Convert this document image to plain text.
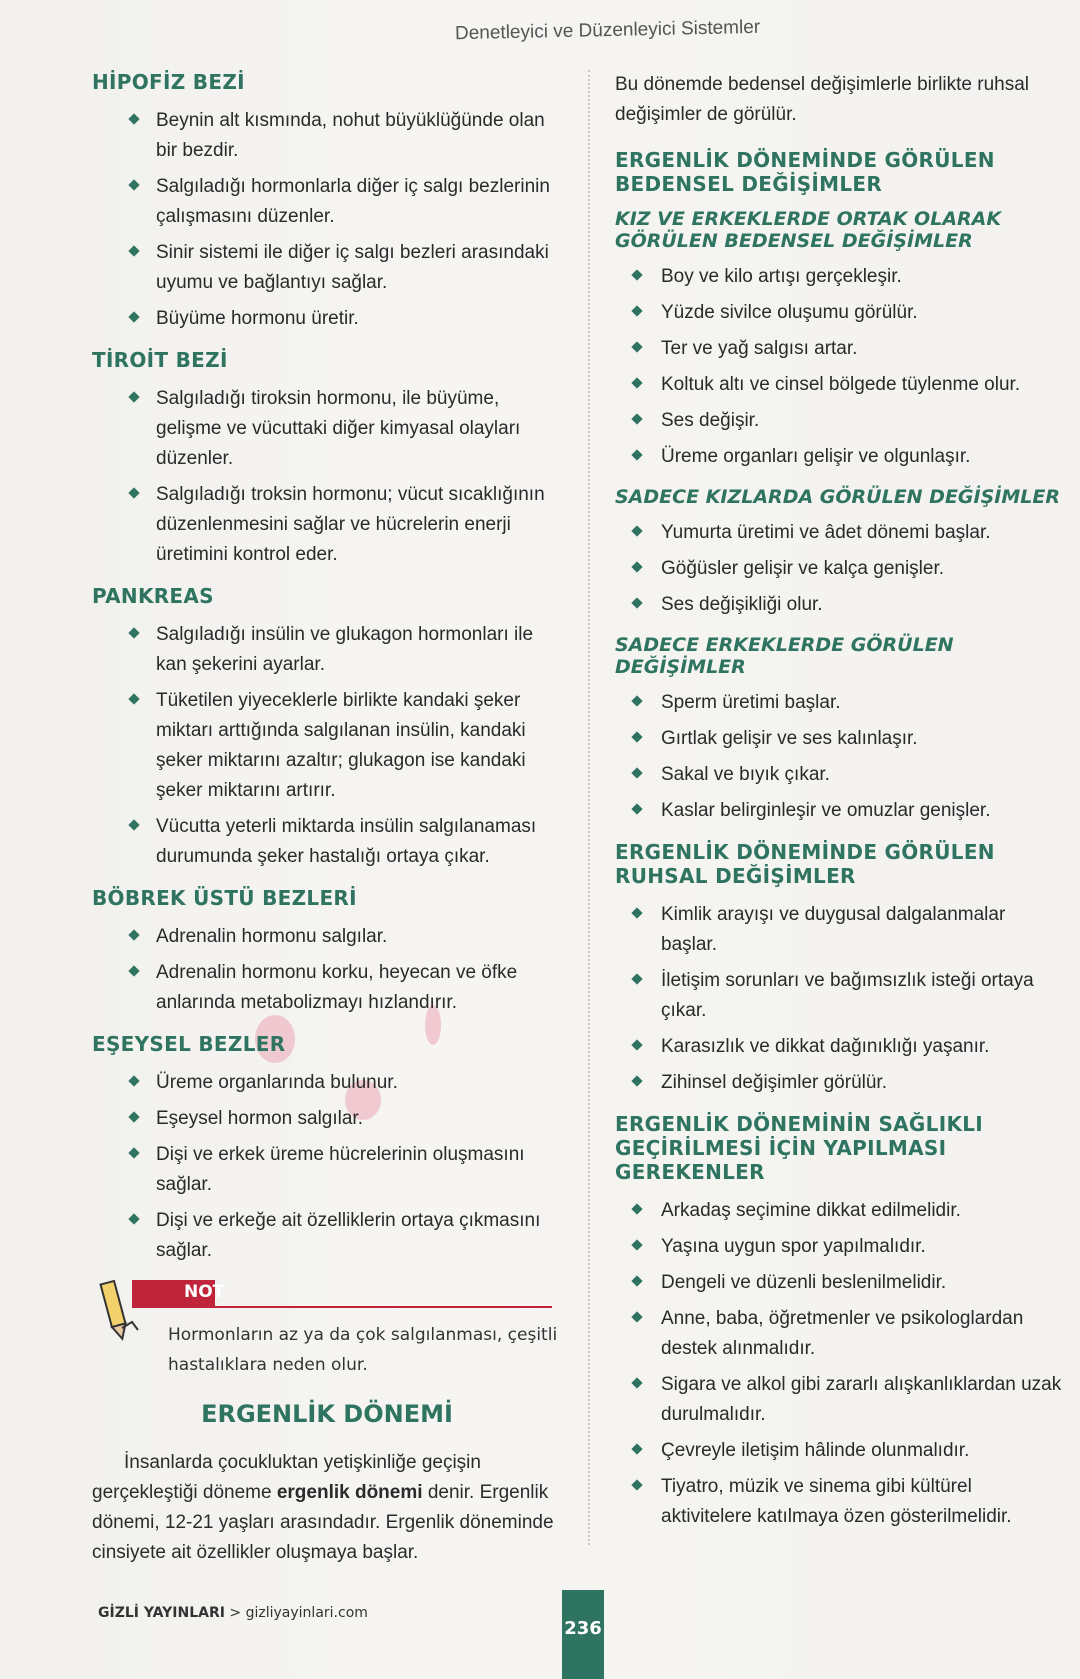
Denetleyici ve Düzenleyici Sistemler
HİPOFİZ BEZİ
Beynin alt kısmında, nohut büyüklüğünde olan bir bezdir.
Salgıladığı hormonlarla diğer iç salgı bezlerinin çalışmasını düzenler.
Sinir sistemi ile diğer iç salgı bezleri arasındaki uyumu ve bağlantıyı sağlar.
Büyüme hormonu üretir.
TİROİT BEZİ
Salgıladığı tiroksin hormonu, ile büyüme, gelişme ve vücuttaki diğer kimyasal olayları düzenler.
Salgıladığı troksin hormonu; vücut sıcaklığının düzenlenmesini sağlar ve hücrelerin enerji üretimini kontrol eder.
PANKREAS
Salgıladığı insülin ve glukagon hormonları ile kan şekerini ayarlar.
Tüketilen yiyeceklerle birlikte kandaki şeker miktarı arttığında salgılanan insülin, kandaki şeker miktarını azaltır; glukagon ise kandaki şeker miktarını artırır.
Vücutta yeterli miktarda insülin salgılanaması durumunda şeker hastalığı ortaya çıkar.
BÖBREK ÜSTÜ BEZLERİ
Adrenalin hormonu salgılar.
Adrenalin hormonu korku, heyecan ve öfke anlarında metabolizmayı hızlandırır.
EŞEYSEL BEZLER
Üreme organlarında bulunur.
Eşeysel hormon salgılar.
Dişi ve erkek üreme hücrelerinin oluşmasını sağlar.
Dişi ve erkeğe ait özelliklerin ortaya çıkmasını sağlar.
NOT
Hormonların az ya da çok salgılanması, çeşitli hastalıklara neden olur.
ERGENLİK DÖNEMİ

İnsanlarda çocukluktan yetişkinliğe geçişin gerçekleştiği döneme ergenlik dönemi denir. Ergenlik dönemi, 12-21 yaşları arasındadır. Ergenlik döneminde cinsiyete ait özellikler oluşmaya başlar.

Bu dönemde bedensel değişimlerle birlikte ruhsal değişimler de görülür.

ERGENLİK DÖNEMİNDE GÖRÜLEN BEDENSEL DEĞİŞİMLER
KIZ VE ERKEKLERDE ORTAK OLARAK GÖRÜLEN BEDENSEL DEĞİŞİMLER
Boy ve kilo artışı gerçekleşir.
Yüzde sivilce oluşumu görülür.
Ter ve yağ salgısı artar.
Koltuk altı ve cinsel bölgede tüylenme olur.
Ses değişir.
Üreme organları gelişir ve olgunlaşır.
SADECE KIZLARDA GÖRÜLEN DEĞİŞİMLER
Yumurta üretimi ve âdet dönemi başlar.
Göğüsler gelişir ve kalça genişler.
Ses değişikliği olur.
SADECE ERKEKLERDE GÖRÜLEN DEĞİŞİMLER
Sperm üretimi başlar.
Gırtlak gelişir ve ses kalınlaşır.
Sakal ve bıyık çıkar.
Kaslar belirginleşir ve omuzlar genişler.
ERGENLİK DÖNEMİNDE GÖRÜLEN RUHSAL DEĞİŞİMLER
Kimlik arayışı ve duygusal dalgalanmalar başlar.
İletişim sorunları ve bağımsızlık isteği ortaya çıkar.
Karasızlık ve dikkat dağınıklığı yaşanır.
Zihinsel değişimler görülür.
ERGENLİK DÖNEMİNİN SAĞLIKLI GEÇİRİLMESİ İÇİN YAPILMASI GEREKENLER
Arkadaş seçimine dikkat edilmelidir.
Yaşına uygun spor yapılmalıdır.
Dengeli ve düzenli beslenilmelidir.
Anne, baba, öğretmenler ve psikologlardan destek alınmalıdır.
Sigara ve alkol gibi zararlı alışkanlıklardan uzak durulmalıdır.
Çevreyle iletişim hâlinde olunmalıdır.
Tiyatro, müzik ve sinema gibi kültürel aktivitelere katılmaya özen gösterilmelidir.
GİZLİ YAYINLARI > gizliyayinlari.com
236
